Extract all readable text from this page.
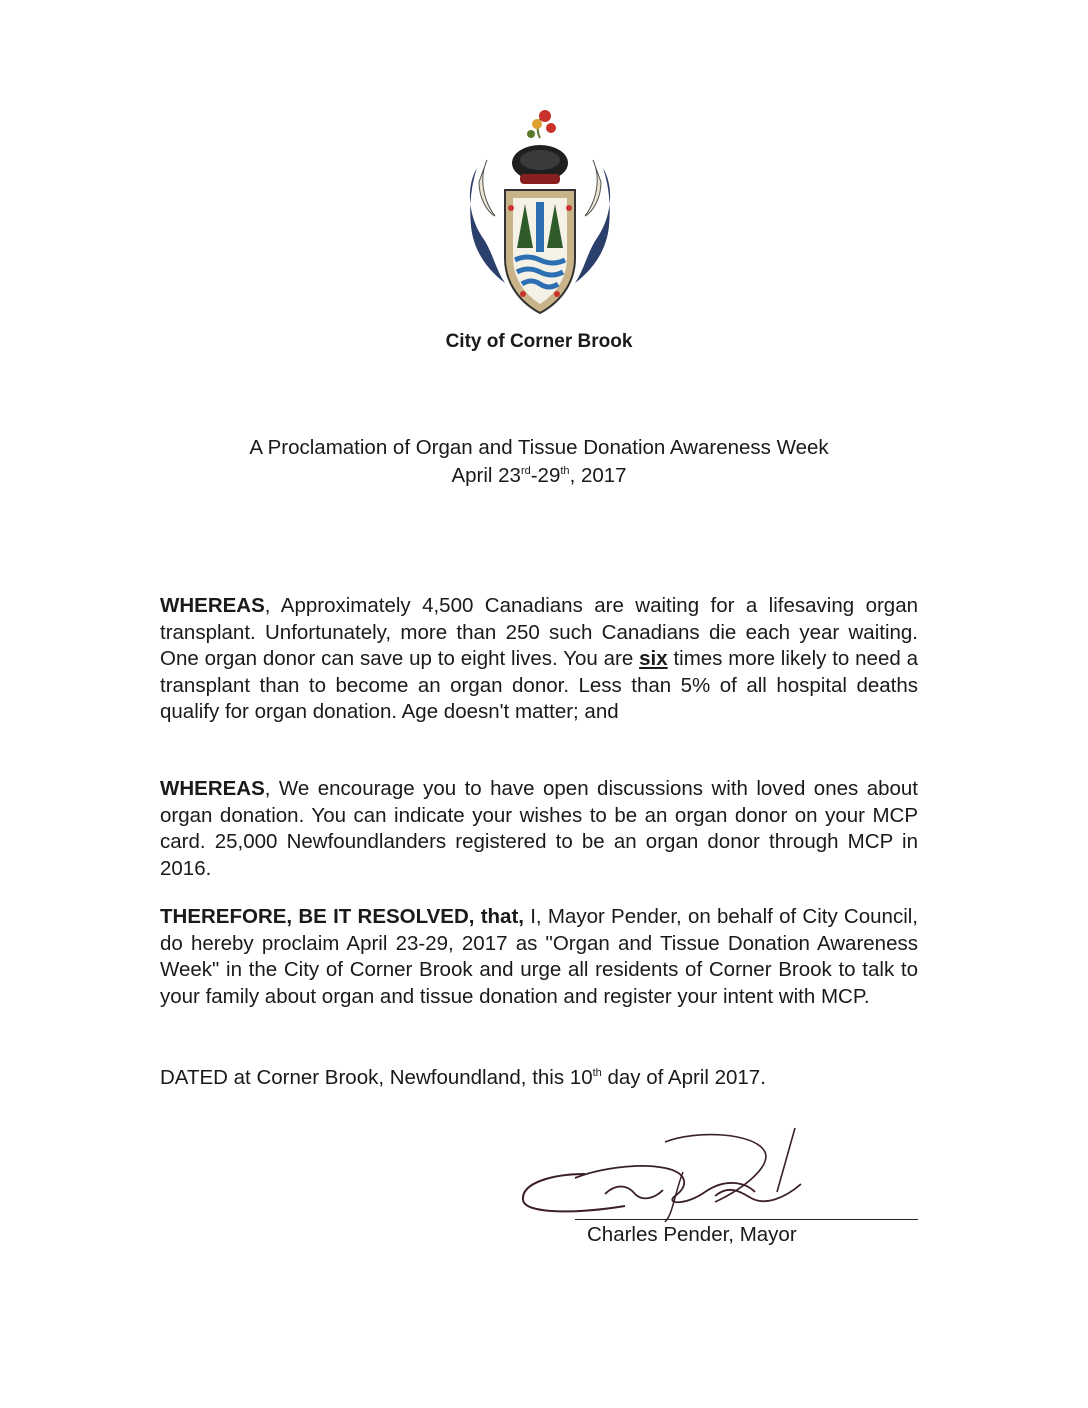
City of Corner Brook
A Proclamation of Organ and Tissue Donation Awareness Week
April 23rd-29th, 2017
WHEREAS, Approximately 4,500 Canadians are waiting for a lifesaving organ transplant. Unfortunately, more than 250 such Canadians die each year waiting. One organ donor can save up to eight lives. You are six times more likely to need a transplant than to become an organ donor. Less than 5% of all hospital deaths qualify for organ donation. Age doesn't matter; and
WHEREAS, We encourage you to have open discussions with loved ones about organ donation. You can indicate your wishes to be an organ donor on your MCP card. 25,000 Newfoundlanders registered to be an organ donor through MCP in 2016.
THEREFORE, BE IT RESOLVED, that, I, Mayor Pender, on behalf of City Council, do hereby proclaim April 23-29, 2017 as "Organ and Tissue Donation Awareness Week" in the City of Corner Brook and urge all residents of Corner Brook to talk to your family about organ and tissue donation and register your intent with MCP.
DATED at Corner Brook, Newfoundland, this 10th day of April 2017.
Charles Pender, Mayor
